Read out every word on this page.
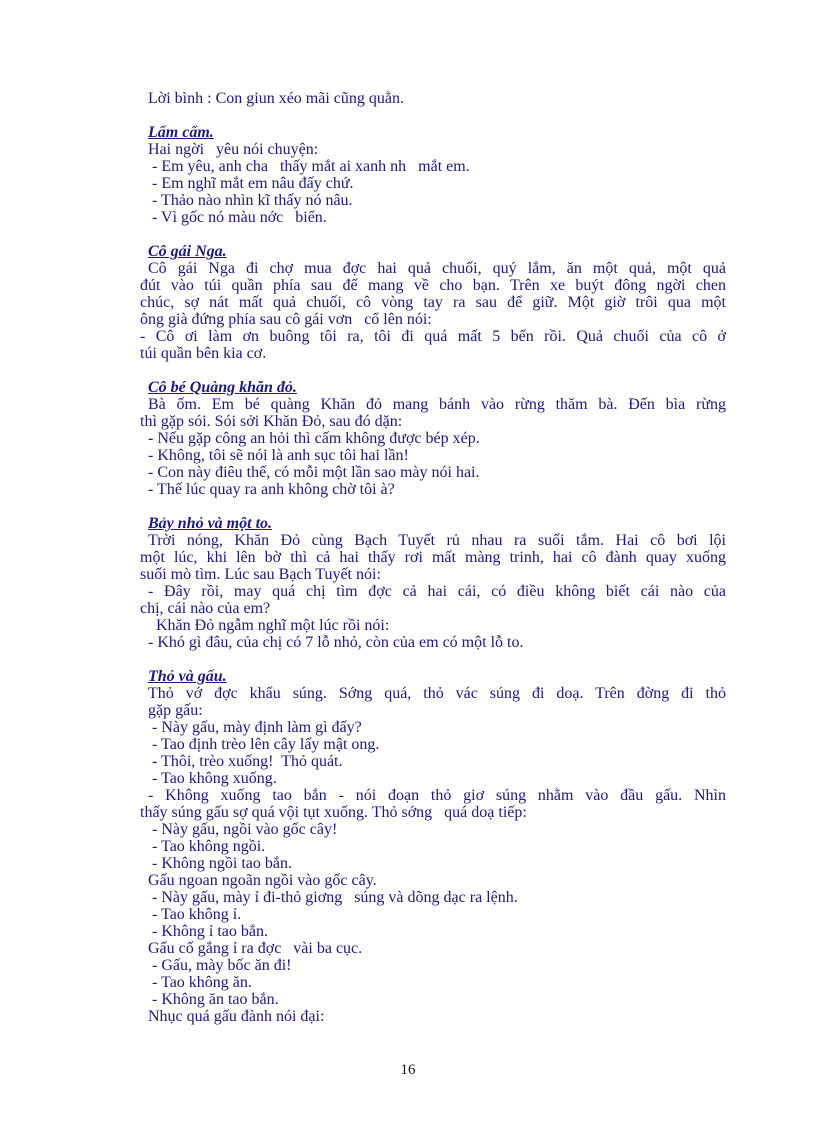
Lời bình : Con giun xéo mãi cũng quằn.
Lẩm cẩm.
Hai ngời   yêu nói chuyện:
- Em yêu, anh cha   thấy mắt ai xanh nh   mắt em.
- Em nghĩ mắt em nâu đấy chứ.
- Thảo nào nhìn kĩ thấy nó nâu.
- Vì gốc nó màu nớc   biển.
Cô gái Nga.
Cô gái Nga đi chợ mua đợc hai quả chuối, quý lắm, ăn một quả, một quả
đút vào túi quần phía sau để mang về cho bạn. Trên xe buýt đông ngời chen
chúc, sợ nát mất quả chuối, cô vòng tay ra sau để giữ. Một giờ trôi qua một
ông già đứng phía sau cô gái vơn   cổ lên nói:
- Cô ơi làm ơn buông tôi ra, tôi đi quá mất 5 bến rồi. Quả chuối của cô ở
túi quần bên kia cơ.
Cô bé Quàng khăn đỏ.
Bà ốm. Em bé quàng Khăn đỏ mang bánh vào rừng thăm bà. Đến bìa rừng
thì gặp sói. Sói sởi Khăn Đỏ, sau đó dặn:
- Nếu gặp công an hỏi thì cấm không được bép xép.
- Không, tôi sẽ nói là anh sục tôi hai lần!
- Con này điêu thế, có mỗi một lần sao mày nói hai.
- Thế lúc quay ra anh không chờ tôi à?
Bảy nhỏ và một to.
Trời nóng, Khăn Đỏ cùng Bạch Tuyết rủ nhau ra suối tắm. Hai cô bơi lội
một lúc, khi lên bờ thì cả hai thấy rơi mất màng trinh, hai cô đành quay xuống
suối mò tìm. Lúc sau Bạch Tuyết nói:
- Đây rồi, may quá chị tìm đợc cả hai cái, có điều không biết cái nào của
chị, cái nào của em?
Khăn Đỏ ngẫm nghĩ một lúc rồi nói:
- Khó gì đâu, của chị có 7 lỗ nhỏ, còn của em có một lỗ to.
Thỏ và gấu.
Thỏ vớ đợc khẩu súng. Sớng quá, thỏ vác súng đi doạ. Trên đờng đi thỏ
gặp gấu:
- Này gấu, mày định làm gì đấy?
- Tao định trèo lên cây lấy mật ong.
- Thôi, trèo xuống!  Thỏ quát.
- Tao không xuống.
- Không xuống tao bắn - nói đoạn thỏ giơ súng nhằm vào đầu gấu. Nhìn
thấy súng gấu sợ quá vội tụt xuống. Thỏ sớng   quá doạ tiếp:
- Này gấu, ngồi vào gốc cây!
- Tao không ngồi.
- Không ngồi tao bắn.
Gấu ngoan ngoãn ngồi vào gốc cây.
- Này gấu, mày ỉ đi-thỏ giơng   súng và dõng dạc ra lệnh.
- Tao không ỉ.
- Không ỉ tao bắn.
Gấu cố gắng ỉ ra đợc   vài ba cục.
- Gấu, mày bốc ăn đi!
- Tao không ăn.
- Không ăn tao bắn.
Nhục quá gấu đành nói đại:
16
